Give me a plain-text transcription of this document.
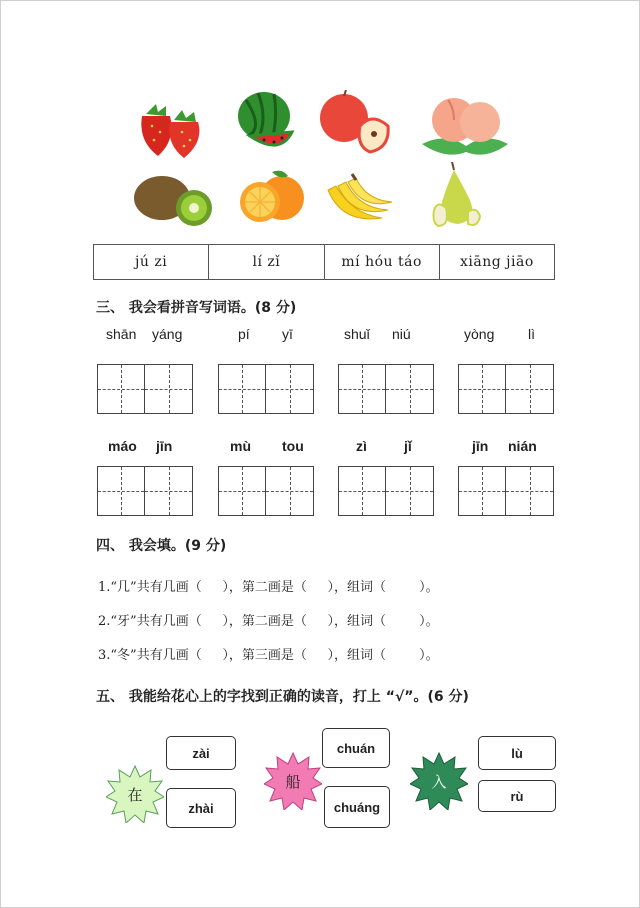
jú zi	lí zǐ	mí hóu táo	xiāng jiāo
三、 我会看拼音写词语。(8 分)
shān yáng	pí yī	shuǐ niú	yòng lì
máo jīn	mù tou	zì	jǐ	jīn nián
四、 我会填。(9 分)
1.“几”共有几画（     ），第二画是（     ），组词（        ）。
2.“牙”共有几画（     ），第二画是（     ），组词（        ）。
3.“冬”共有几画（     ），第三画是（     ），组词（        ）。
五、 我能给花心上的字找到正确的读音，打上 “√”。(6 分)
在
zài
zhài
船
chuán
chuáng
入
lù
rù
